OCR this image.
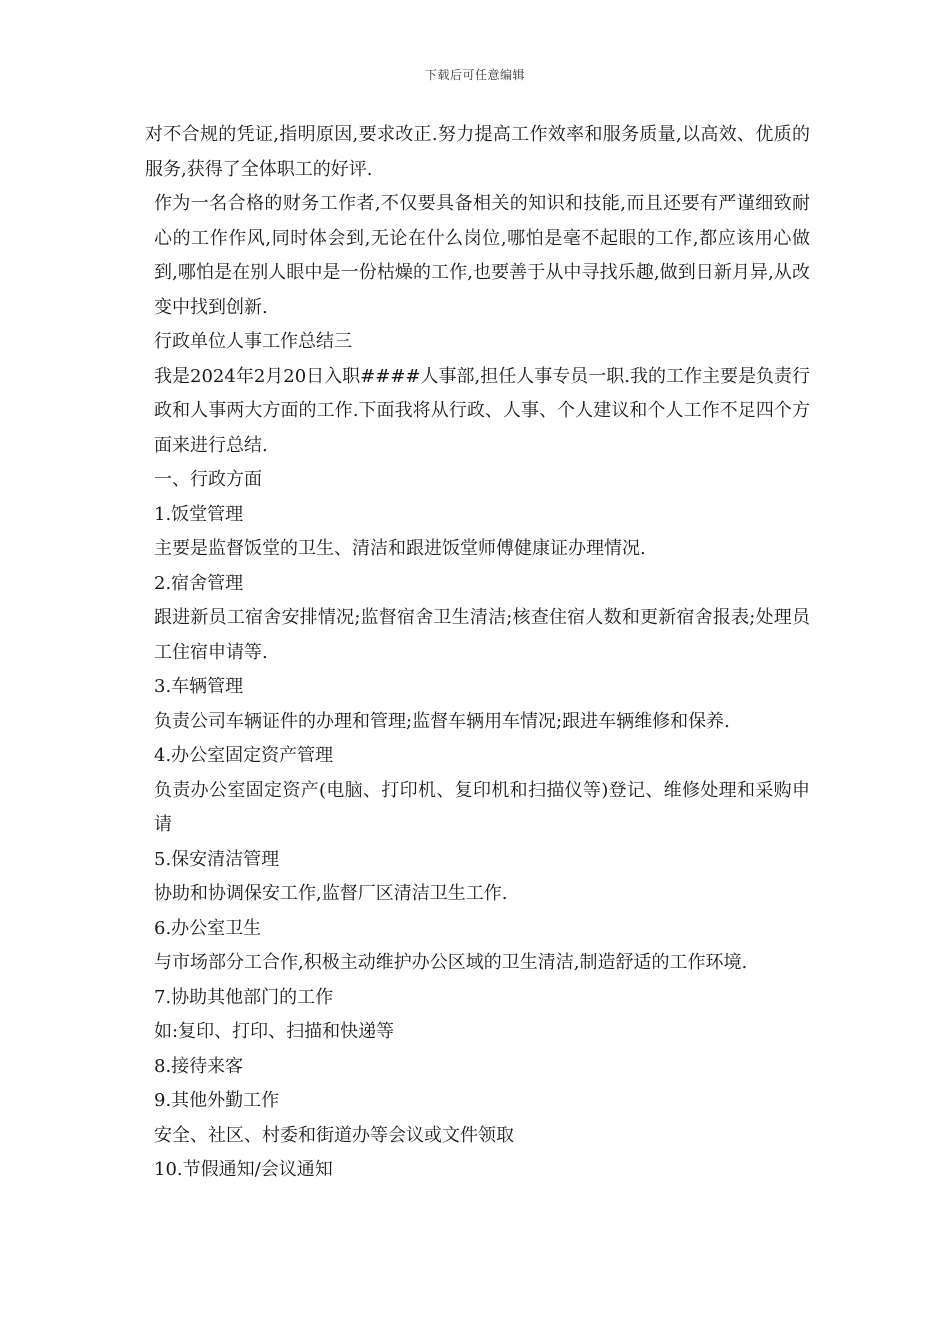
下载后可任意编辑

对不合规的凭证,指明原因,要求改正.努力提高工作效率和服务质量,以高效、优质的服务,获得了全体职工的好评.

作为一名合格的财务工作者,不仅要具备相关的知识和技能,而且还要有严谨细致耐心的工作作风,同时体会到,无论在什么岗位,哪怕是毫不起眼的工作,都应该用心做到,哪怕是在别人眼中是一份枯燥的工作,也要善于从中寻找乐趣,做到日新月异,从改变中找到创新.

行政单位人事工作总结三

我是2024年2月20日入职####人事部,担任人事专员一职.我的工作主要是负责行政和人事两大方面的工作.下面我将从行政、人事、个人建议和个人工作不足四个方面来进行总结.

一、行政方面

1.饭堂管理

主要是监督饭堂的卫生、清洁和跟进饭堂师傅健康证办理情况.

2.宿舍管理

跟进新员工宿舍安排情况;监督宿舍卫生清洁;核查住宿人数和更新宿舍报表;处理员工住宿申请等.

3.车辆管理

负责公司车辆证件的办理和管理;监督车辆用车情况;跟进车辆维修和保养.

4.办公室固定资产管理

负责办公室固定资产(电脑、打印机、复印机和扫描仪等)登记、维修处理和采购申请

5.保安清洁管理

协助和协调保安工作,监督厂区清洁卫生工作.

6.办公室卫生

与市场部分工合作,积极主动维护办公区域的卫生清洁,制造舒适的工作环境.

7.协助其他部门的工作

如:复印、打印、扫描和快递等

8.接待来客

9.其他外勤工作

安全、社区、村委和街道办等会议或文件领取

10.节假通知/会议通知
